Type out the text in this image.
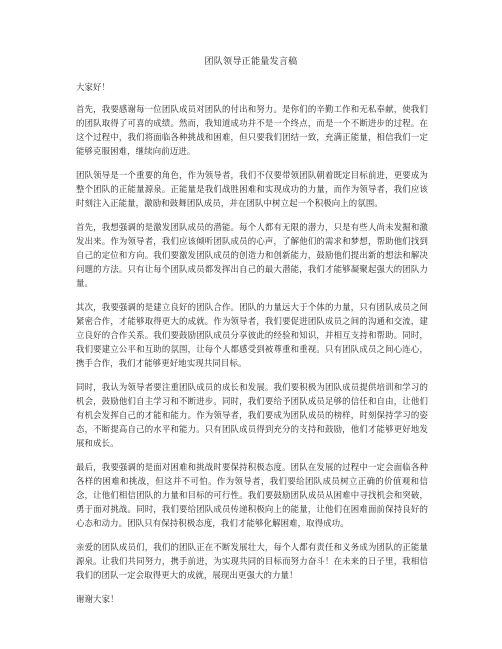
团队领导正能量发言稿

大家好！

首先，我要感谢每一位团队成员对团队的付出和努力。是你们的辛勤工作和无私奉献，使我们的团队取得了可喜的成绩。然而，我知道成功并不是一个终点，而是一个不断进步的过程。在这个过程中，我们将面临各种挑战和困难，但只要我们团结一致，充满正能量，相信我们一定能够克服困难，继续向前迈进。

团队领导是一个重要的角色，作为领导者，我们不仅要带领团队朝着既定目标前进，更要成为整个团队的正能量源泉。正能量是我们战胜困难和实现成功的力量，而作为领导者，我们应该时刻注入正能量，激励和鼓舞团队成员，并在团队中树立起一个积极向上的氛围。

首先，我想强调的是激发团队成员的潜能。每个人都有无限的潜力，只是有些人尚未发掘和激发出来。作为领导者，我们应该倾听团队成员的心声，了解他们的需求和梦想，帮助他们找到自己的定位和方向。我们要激发团队成员的创造力和创新能力，鼓励他们提出新的想法和解决问题的方法。只有让每个团队成员都发挥出自己的最大潜能，我们才能够凝聚起强大的团队力量。

其次，我要强调的是建立良好的团队合作。团队的力量远大于个体的力量，只有团队成员之间紧密合作，才能够取得更大的成就。作为领导者，我们要促进团队成员之间的沟通和交流，建立良好的合作关系。我们要鼓励团队成员分享彼此的经验和知识，并相互支持和帮助。同时，我们要建立公平和互助的氛围，让每个人都感受到被尊重和重视。只有团队成员之间心连心，携手合作，我们才能够更好地实现共同目标。

同时，我认为领导者要注重团队成员的成长和发展。我们要积极为团队成员提供培训和学习的机会，鼓励他们自主学习和不断进步。同时，我们要给予团队成员足够的信任和自由，让他们有机会发挥自己的才能和能力。作为领导者，我们要成为团队成员的榜样，时刻保持学习的姿态，不断提高自己的水平和能力。只有团队成员得到充分的支持和鼓励，他们才能够更好地发展和成长。

最后，我要强调的是面对困难和挑战时要保持积极态度。团队在发展的过程中一定会面临各种各样的困难和挑战，但这并不可怕。作为领导者，我们要给团队成员树立正确的价值观和信念，让他们相信团队的力量和目标的可行性。我们要鼓励团队成员从困难中寻找机会和突破，勇于面对挑战。同时，我们要给团队成员传递积极向上的能量，让他们在困难面前保持良好的心态和动力。团队只有保持积极态度，我们才能够化解困难，取得成功。

亲爱的团队成员们，我们的团队正在不断发展壮大，每个人都有责任和义务成为团队的正能量源泉。让我们共同努力，携手前进，为实现共同的目标而努力奋斗！在未来的日子里，我相信我们的团队一定会取得更大的成就，展现出更强大的力量！

谢谢大家！
